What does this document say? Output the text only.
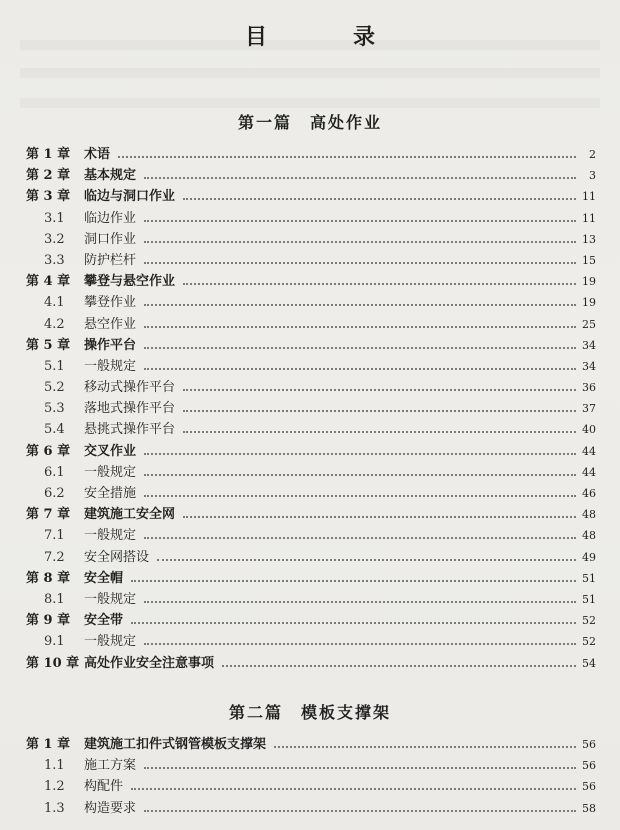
目　录
第一篇 高处作业
第 1 章	术语	2
第 2 章	基本规定	3
第 3 章	临边与洞口作业	11
3.1	临边作业	11
3.2	洞口作业	13
3.3	防护栏杆	15
第 4 章	攀登与悬空作业	19
4.1	攀登作业	19
4.2	悬空作业	25
第 5 章	操作平台	34
5.1	一般规定	34
5.2	移动式操作平台	36
5.3	落地式操作平台	37
5.4	悬挑式操作平台	40
第 6 章	交叉作业	44
6.1	一般规定	44
6.2	安全措施	46
第 7 章	建筑施工安全网	48
7.1	一般规定	48
7.2	安全网搭设	49
第 8 章	安全帽	51
8.1	一般规定	51
第 9 章	安全带	52
9.1	一般规定	52
第 10 章 高处作业安全注意事项	54
第二篇 模板支撑架
第 1 章	建筑施工扣件式钢管模板支撑架	56
1.1	施工方案	56
1.2	构配件	56
1.3	构造要求	58
